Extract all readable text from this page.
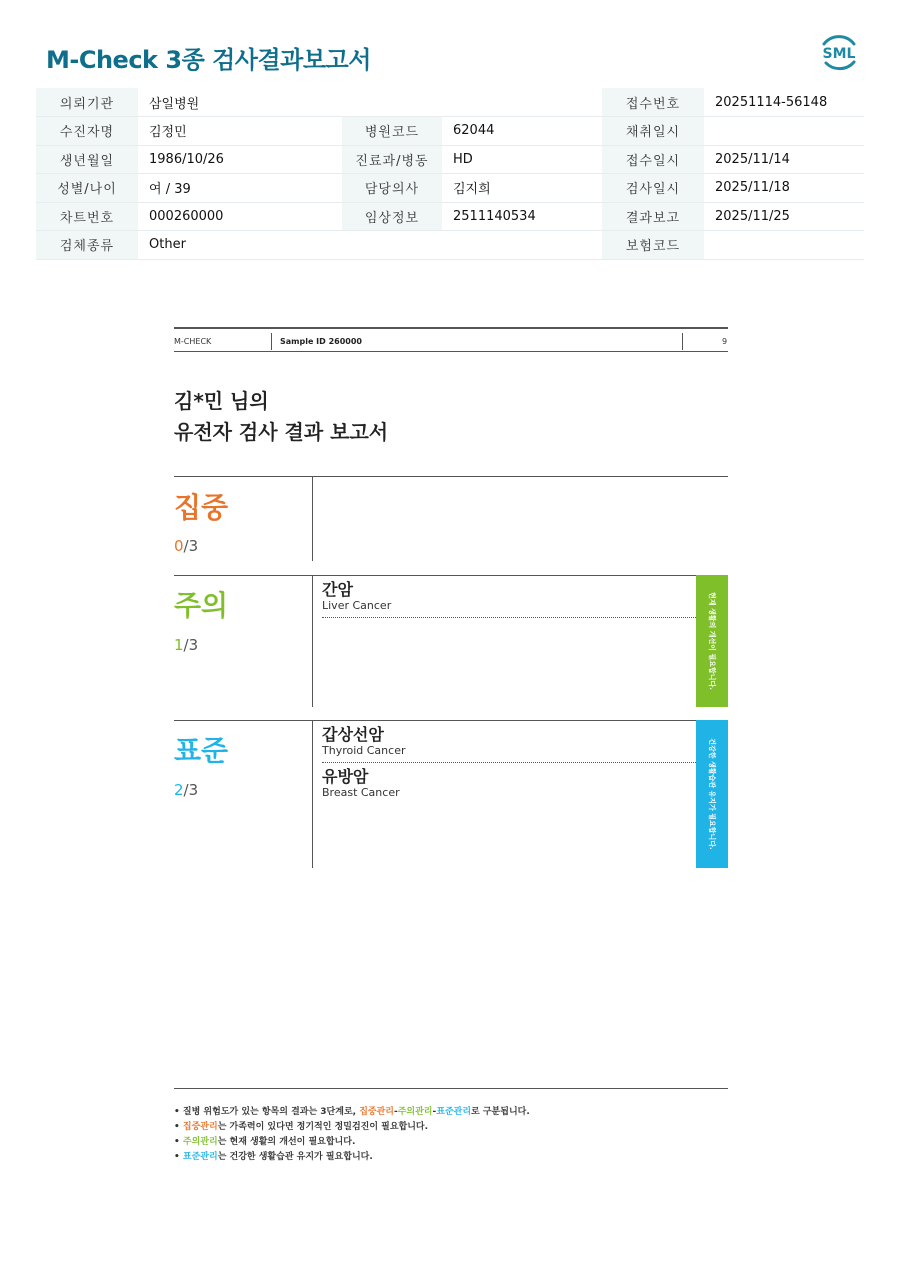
M-Check 3종 검사결과보고서	SML
의뢰기관	삼일병원			접수번호	20251114-56148
수진자명	김정민	병원코드	62044	채취일시	
생년월일	1986/10/26	진료과/병동	HD	접수일시	2025/11/14
성별/나이	여 / 39	담당의사	김지희	검사일시	2025/11/18
차트번호	000260000	임상정보	2511140534	결과보고	2025/11/25
검체종류	Other			보험코드	
M-CHECK	Sample ID 260000	9
김*민 님의
유전자 검사 결과 보고서
집중
0/3
주의
1/3
간암
Liver Cancer	현재 생활의 개선이 필요합니다.
표준
2/3
갑상선암
Thyroid Cancer
유방암
Breast Cancer	건강한 생활습관 유지가 필요합니다.
• 질병 위험도가 있는 항목의 결과는 3단계로, 집중관리-주의관리-표준관리로 구분됩니다.
• 집중관리는 가족력이 있다면 정기적인 정밀검진이 필요합니다.
• 주의관리는 현재 생활의 개선이 필요합니다.
• 표준관리는 건강한 생활습관 유지가 필요합니다.
